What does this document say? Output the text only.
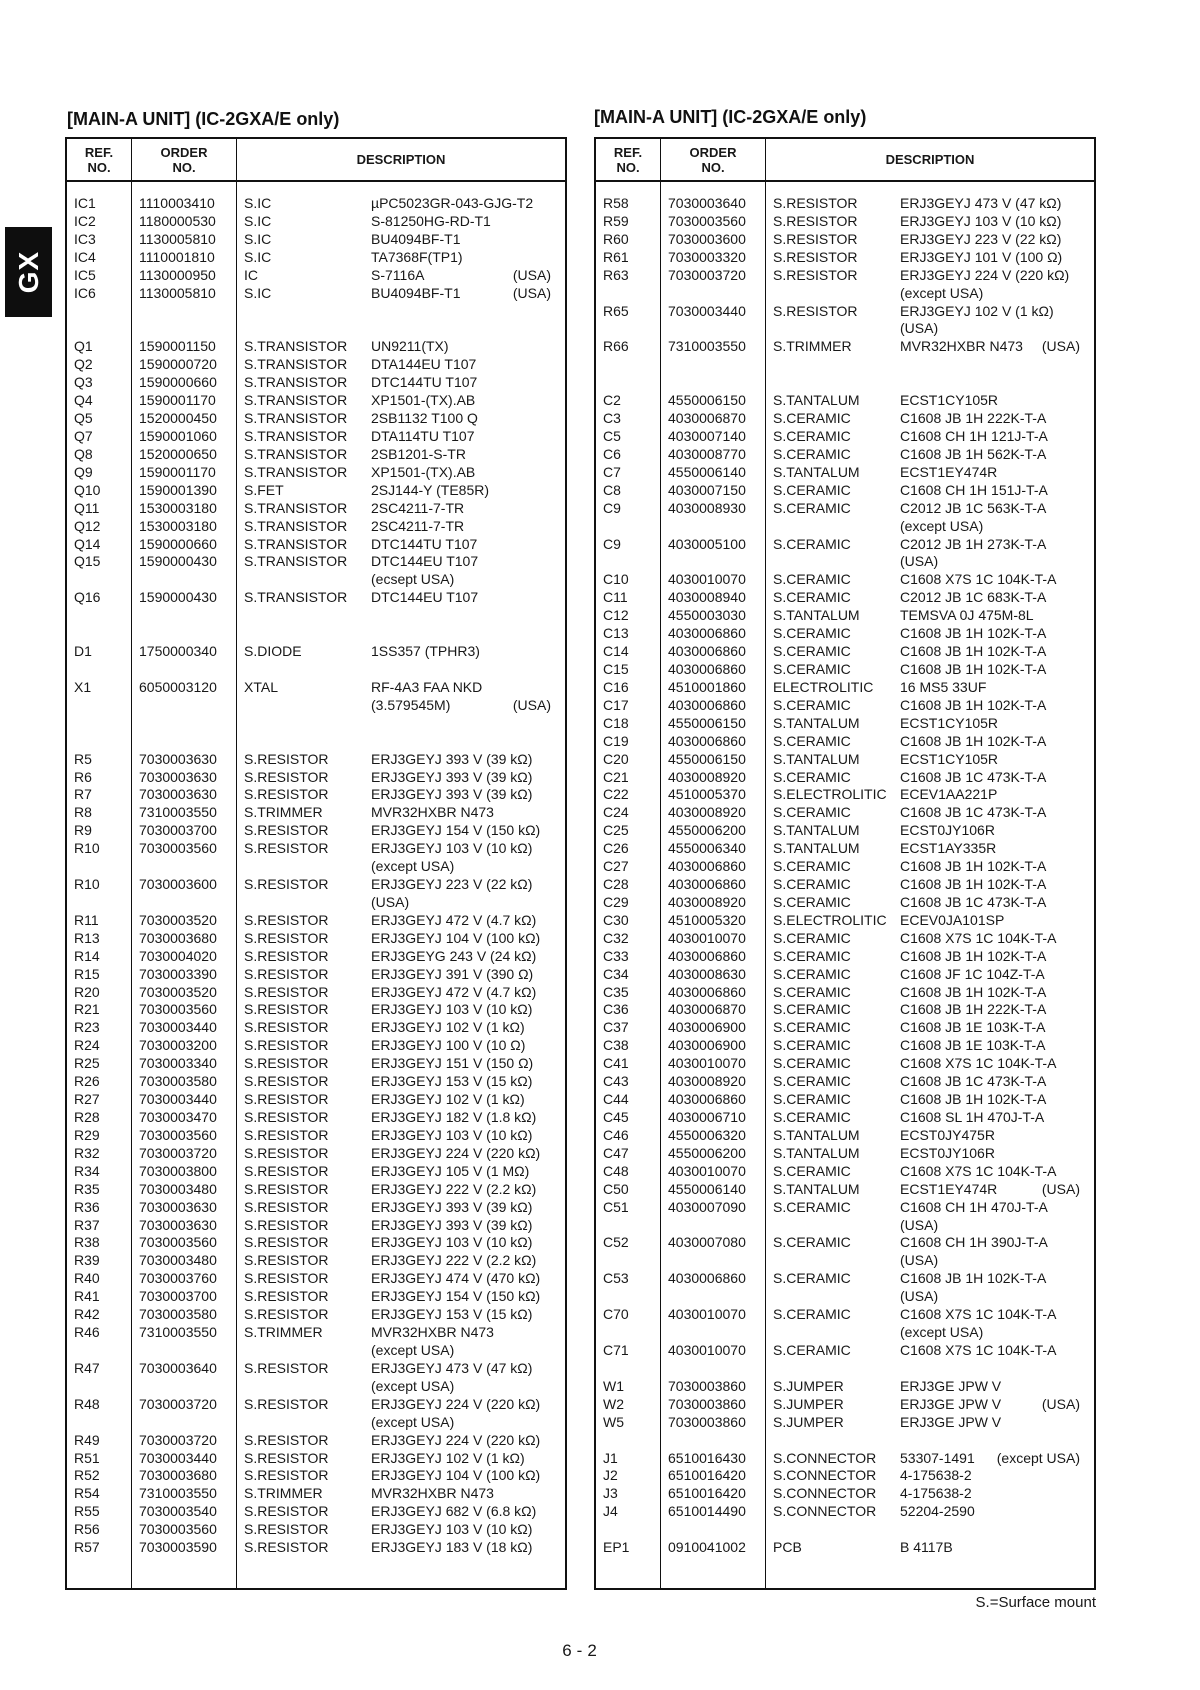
GX
[MAIN-A UNIT] (IC-2GXA/E only)	[MAIN-A UNIT] (IC-2GXA/E only)
REF.
NO.
ORDER
NO.	DESCRIPTION
IC1	1110003410 S.IC	µPC5023GR-043-GJG-T2
IC2	1180000530 S.IC	S-81250HG-RD-T1
IC3	1130005810 S.IC	BU4094BF-T1
IC4	1110001810 S.IC	TA7368F(TP1)
IC5	1130000950 IC	S-7116A	(USA)
IC6	1130005810 S.IC	BU4094BF-T1	(USA)
Q1	1590001150 S.TRANSISTOR UN9211(TX)
Q2	1590000720 S.TRANSISTOR DTA144EU T107
Q3	1590000660 S.TRANSISTOR DTC144TU T107
Q4	1590001170 S.TRANSISTOR XP1501-(TX).AB
Q5	1520000450 S.TRANSISTOR 2SB1132 T100 Q
Q7	1590001060 S.TRANSISTOR DTA114TU T107
Q8	1520000650 S.TRANSISTOR 2SB1201-S-TR
Q9	1590001170 S.TRANSISTOR XP1501-(TX).AB
Q10	1590001390 S.FET	2SJ144-Y (TE85R)
Q11	1530003180 S.TRANSISTOR 2SC4211-7-TR
Q12	1530003180 S.TRANSISTOR 2SC4211-7-TR
Q14	1590000660 S.TRANSISTOR DTC144TU T107
Q15	1590000430 S.TRANSISTOR DTC144EU T107
(ecsept USA)
Q16	1590000430 S.TRANSISTOR DTC144EU T107
D1	1750000340 S.DIODE	1SS357 (TPHR3)
X1	6050003120 XTAL	RF-4A3 FAA NKD
(3.579545M)	(USA)
R5	7030003630 S.RESISTOR	ERJ3GEYJ 393 V (39 kΩ)
R6	7030003630 S.RESISTOR	ERJ3GEYJ 393 V (39 kΩ)
R7	7030003630 S.RESISTOR	ERJ3GEYJ 393 V (39 kΩ)
R8	7310003550 S.TRIMMER	MVR32HXBR N473
R9	7030003700 S.RESISTOR	ERJ3GEYJ 154 V (150 kΩ)
R10	7030003560 S.RESISTOR	ERJ3GEYJ 103 V (10 kΩ)
(except USA)
R10	7030003600 S.RESISTOR	ERJ3GEYJ 223 V (22 kΩ)
(USA)
R11	7030003520 S.RESISTOR	ERJ3GEYJ 472 V (4.7 kΩ)
R13	7030003680 S.RESISTOR	ERJ3GEYJ 104 V (100 kΩ)
R14	7030004020 S.RESISTOR	ERJ3GEYG 243 V (24 kΩ)
R15	7030003390 S.RESISTOR	ERJ3GEYJ 391 V (390 Ω)
R20	7030003520 S.RESISTOR	ERJ3GEYJ 472 V (4.7 kΩ)
R21	7030003560 S.RESISTOR	ERJ3GEYJ 103 V (10 kΩ)
R23	7030003440 S.RESISTOR	ERJ3GEYJ 102 V (1 kΩ)
R24	7030003200 S.RESISTOR	ERJ3GEYJ 100 V (10 Ω)
R25	7030003340 S.RESISTOR	ERJ3GEYJ 151 V (150 Ω)
R26	7030003580 S.RESISTOR	ERJ3GEYJ 153 V (15 kΩ)
R27	7030003440 S.RESISTOR	ERJ3GEYJ 102 V (1 kΩ)
R28	7030003470 S.RESISTOR	ERJ3GEYJ 182 V (1.8 kΩ)
R29	7030003560 S.RESISTOR	ERJ3GEYJ 103 V (10 kΩ)
R32	7030003720 S.RESISTOR	ERJ3GEYJ 224 V (220 kΩ)
R34	7030003800 S.RESISTOR	ERJ3GEYJ 105 V (1 MΩ)
R35	7030003480 S.RESISTOR	ERJ3GEYJ 222 V (2.2 kΩ)
R36	7030003630 S.RESISTOR	ERJ3GEYJ 393 V (39 kΩ)
R37	7030003630 S.RESISTOR	ERJ3GEYJ 393 V (39 kΩ)
R38	7030003560 S.RESISTOR	ERJ3GEYJ 103 V (10 kΩ)
R39	7030003480 S.RESISTOR	ERJ3GEYJ 222 V (2.2 kΩ)
R40	7030003760 S.RESISTOR	ERJ3GEYJ 474 V (470 kΩ)
R41	7030003700 S.RESISTOR	ERJ3GEYJ 154 V (150 kΩ)
R42	7030003580 S.RESISTOR	ERJ3GEYJ 153 V (15 kΩ)
R46	7310003550 S.TRIMMER	MVR32HXBR N473
(except USA)
R47	7030003640 S.RESISTOR	ERJ3GEYJ 473 V (47 kΩ)
(except USA)
R48	7030003720 S.RESISTOR	ERJ3GEYJ 224 V (220 kΩ)
(except USA)
R49	7030003720 S.RESISTOR	ERJ3GEYJ 224 V (220 kΩ)
R51	7030003440 S.RESISTOR	ERJ3GEYJ 102 V (1 kΩ)
R52	7030003680 S.RESISTOR	ERJ3GEYJ 104 V (100 kΩ)
R54	7310003550 S.TRIMMER	MVR32HXBR N473
R55	7030003540 S.RESISTOR	ERJ3GEYJ 682 V (6.8 kΩ)
R56	7030003560 S.RESISTOR	ERJ3GEYJ 103 V (10 kΩ)
R57	7030003590 S.RESISTOR	ERJ3GEYJ 183 V (18 kΩ)
REF.
NO.
ORDER
NO.	DESCRIPTION
R58	7030003640 S.RESISTOR	ERJ3GEYJ 473 V (47 kΩ)
R59	7030003560 S.RESISTOR	ERJ3GEYJ 103 V (10 kΩ)
R60	7030003600 S.RESISTOR	ERJ3GEYJ 223 V (22 kΩ)
R61	7030003320 S.RESISTOR	ERJ3GEYJ 101 V (100 Ω)
R63	7030003720 S.RESISTOR	ERJ3GEYJ 224 V (220 kΩ)
(except USA)
R65	7030003440 S.RESISTOR	ERJ3GEYJ 102 V (1 kΩ)
(USA)
R66	7310003550 S.TRIMMER	MVR32HXBR N473 (USA)
C2	4550006150 S.TANTALUM	ECST1CY105R
C3	4030006870 S.CERAMIC	C1608 JB 1H 222K-T-A
C5	4030007140 S.CERAMIC	C1608 CH 1H 121J-T-A
C6	4030008770 S.CERAMIC	C1608 JB 1H 562K-T-A
C7	4550006140 S.TANTALUM	ECST1EY474R
C8	4030007150 S.CERAMIC	C1608 CH 1H 151J-T-A
C9	4030008930 S.CERAMIC	C2012 JB 1C 563K-T-A
(except USA)
C9	4030005100 S.CERAMIC	C2012 JB 1H 273K-T-A
(USA)
C10	4030010070 S.CERAMIC	C1608 X7S 1C 104K-T-A
C11	4030008940 S.CERAMIC	C2012 JB 1C 683K-T-A
C12	4550003030 S.TANTALUM	TEMSVA 0J 475M-8L
C13	4030006860 S.CERAMIC	C1608 JB 1H 102K-T-A
C14	4030006860 S.CERAMIC	C1608 JB 1H 102K-T-A
C15	4030006860 S.CERAMIC	C1608 JB 1H 102K-T-A
C16	4510001860 ELECTROLITIC 16 MS5 33UF
C17	4030006860 S.CERAMIC	C1608 JB 1H 102K-T-A
C18	4550006150 S.TANTALUM	ECST1CY105R
C19	4030006860 S.CERAMIC	C1608 JB 1H 102K-T-A
C20	4550006150 S.TANTALUM	ECST1CY105R
C21	4030008920 S.CERAMIC	C1608 JB 1C 473K-T-A
C22	4510005370 S.ELECTROLITIC ECEV1AA221P
C24	4030008920 S.CERAMIC	C1608 JB 1C 473K-T-A
C25	4550006200 S.TANTALUM	ECST0JY106R
C26	4550006340 S.TANTALUM	ECST1AY335R
C27	4030006860 S.CERAMIC	C1608 JB 1H 102K-T-A
C28	4030006860 S.CERAMIC	C1608 JB 1H 102K-T-A
C29	4030008920 S.CERAMIC	C1608 JB 1C 473K-T-A
C30	4510005320 S.ELECTROLITIC ECEV0JA101SP
C32	4030010070 S.CERAMIC	C1608 X7S 1C 104K-T-A
C33	4030006860 S.CERAMIC	C1608 JB 1H 102K-T-A
C34	4030008630 S.CERAMIC	C1608 JF 1C 104Z-T-A
C35	4030006860 S.CERAMIC	C1608 JB 1H 102K-T-A
C36	4030006870 S.CERAMIC	C1608 JB 1H 222K-T-A
C37	4030006900 S.CERAMIC	C1608 JB 1E 103K-T-A
C38	4030006900 S.CERAMIC	C1608 JB 1E 103K-T-A
C41	4030010070 S.CERAMIC	C1608 X7S 1C 104K-T-A
C43	4030008920 S.CERAMIC	C1608 JB 1C 473K-T-A
C44	4030006860 S.CERAMIC	C1608 JB 1H 102K-T-A
C45	4030006710 S.CERAMIC	C1608 SL 1H 470J-T-A
C46	4550006320 S.TANTALUM	ECST0JY475R
C47	4550006200 S.TANTALUM	ECST0JY106R
C48	4030010070 S.CERAMIC	C1608 X7S 1C 104K-T-A
C50	4550006140 S.TANTALUM	ECST1EY474R	(USA)
C51	4030007090 S.CERAMIC	C1608 CH 1H 470J-T-A
(USA)
C52	4030007080 S.CERAMIC	C1608 CH 1H 390J-T-A
(USA)
C53	4030006860 S.CERAMIC	C1608 JB 1H 102K-T-A
(USA)
C70	4030010070 S.CERAMIC	C1608 X7S 1C 104K-T-A
(except USA)
C71	4030010070 S.CERAMIC	C1608 X7S 1C 104K-T-A
W1	7030003860 S.JUMPER	ERJ3GE JPW V
W2	7030003860 S.JUMPER	ERJ3GE JPW V	(USA)
W5	7030003860 S.JUMPER	ERJ3GE JPW V
J1	6510016430 S.CONNECTOR 53307-1491 (except USA)
J2	6510016420 S.CONNECTOR 4-175638-2
J3	6510016420 S.CONNECTOR 4-175638-2
J4	6510014490 S.CONNECTOR 52204-2590
EP1	0910041002 PCB	B 4117B
S.=Surface mount
6-2
